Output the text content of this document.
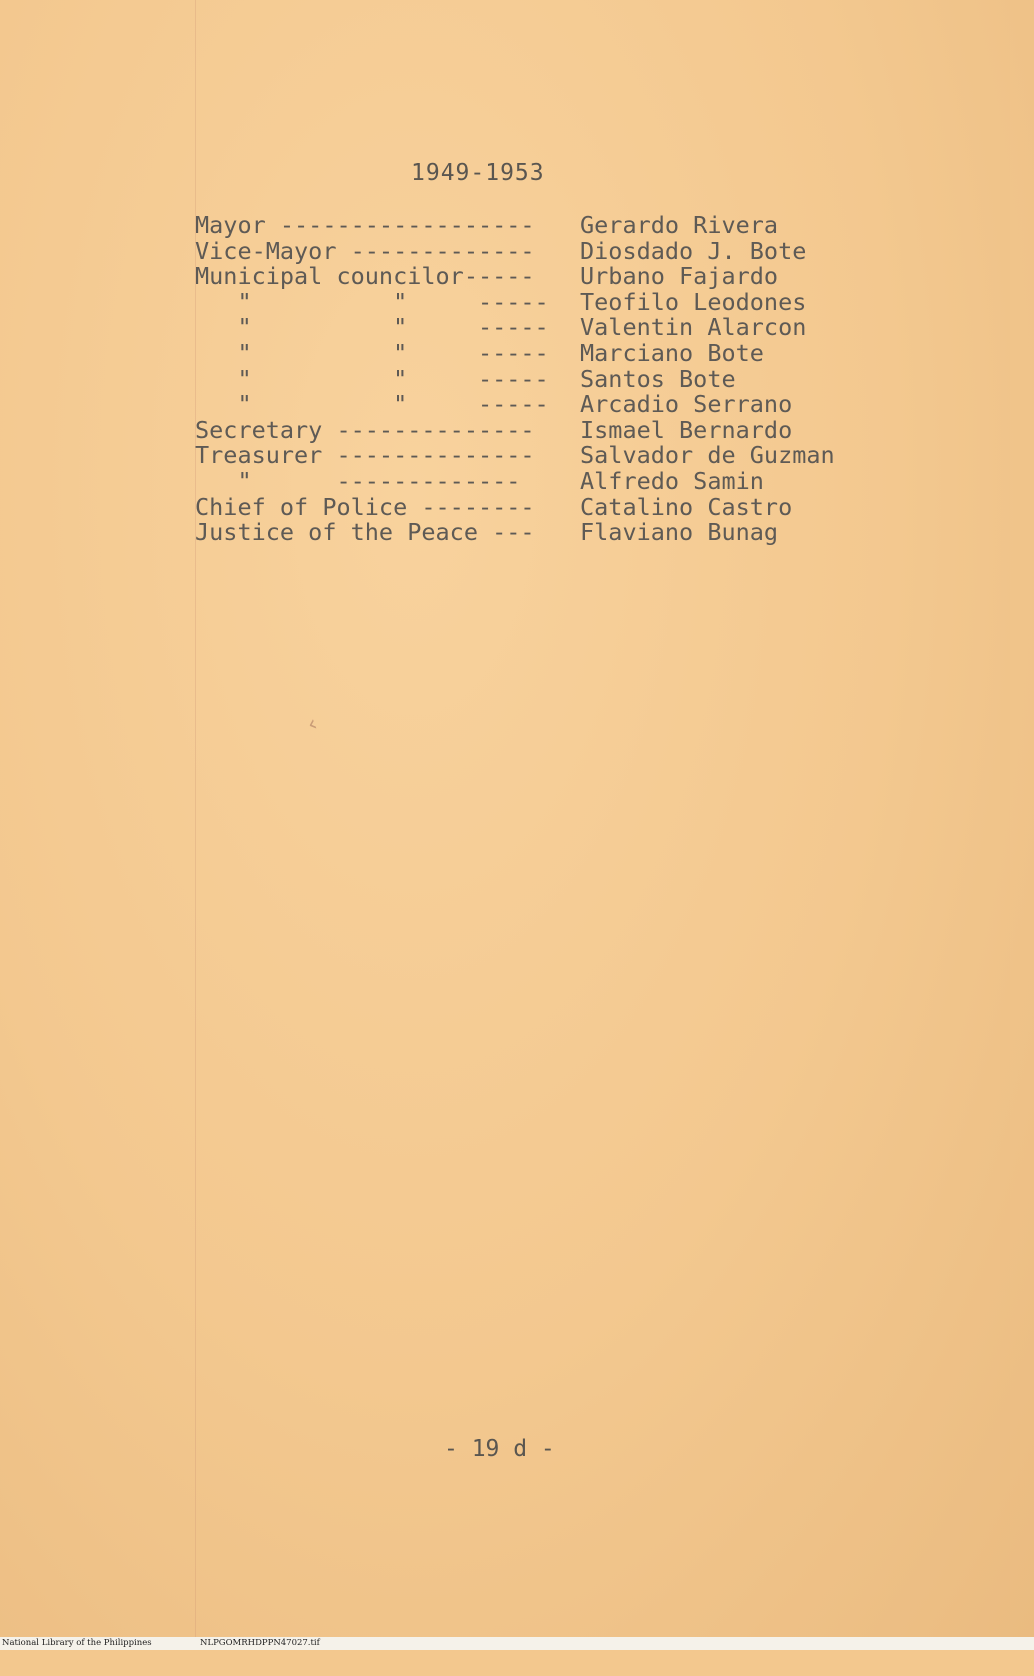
1949-1953
Mayor ------------------	Gerardo Rivera
Vice-Mayor -------------	Diosdado J. Bote
Municipal councilor-----	Urbano Fajardo
"          "     -----	Teofilo Leodones
"          "     -----	Valentin Alarcon
"          "     -----	Marciano Bote
"          "     -----	Santos Bote
"          "     -----	Arcadio Serrano
Secretary --------------	Ismael Bernardo
Treasurer --------------	Salvador de Guzman
"      -------------	Alfredo Samin
Chief of Police --------	Catalino Castro
Justice of the Peace ---	Flaviano Bunag
‹
- 19 d -

National Library of the Philippines

	NLPGOMRHDPPN47027.tif
